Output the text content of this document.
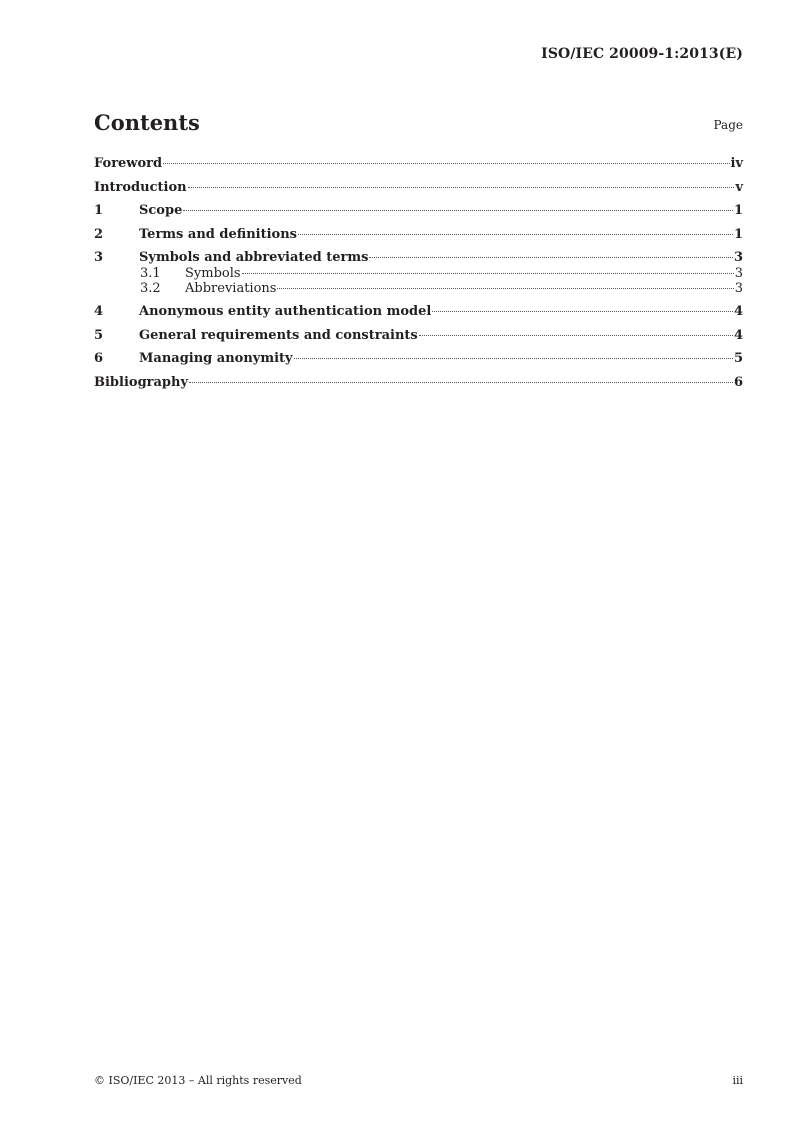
ISO/IEC 20009-1:2013(E)
Contents	Page
Foreword	iv
Introduction	v
1	Scope	1
2	Terms and definitions	1
3	Symbols and abbreviated terms	3
3.1	Symbols	3
3.2	Abbreviations	3
4	Anonymous entity authentication model	4
5	General requirements and constraints	4
6	Managing anonymity	5
Bibliography	6
© ISO/IEC 2013 – All rights reserved	iii
